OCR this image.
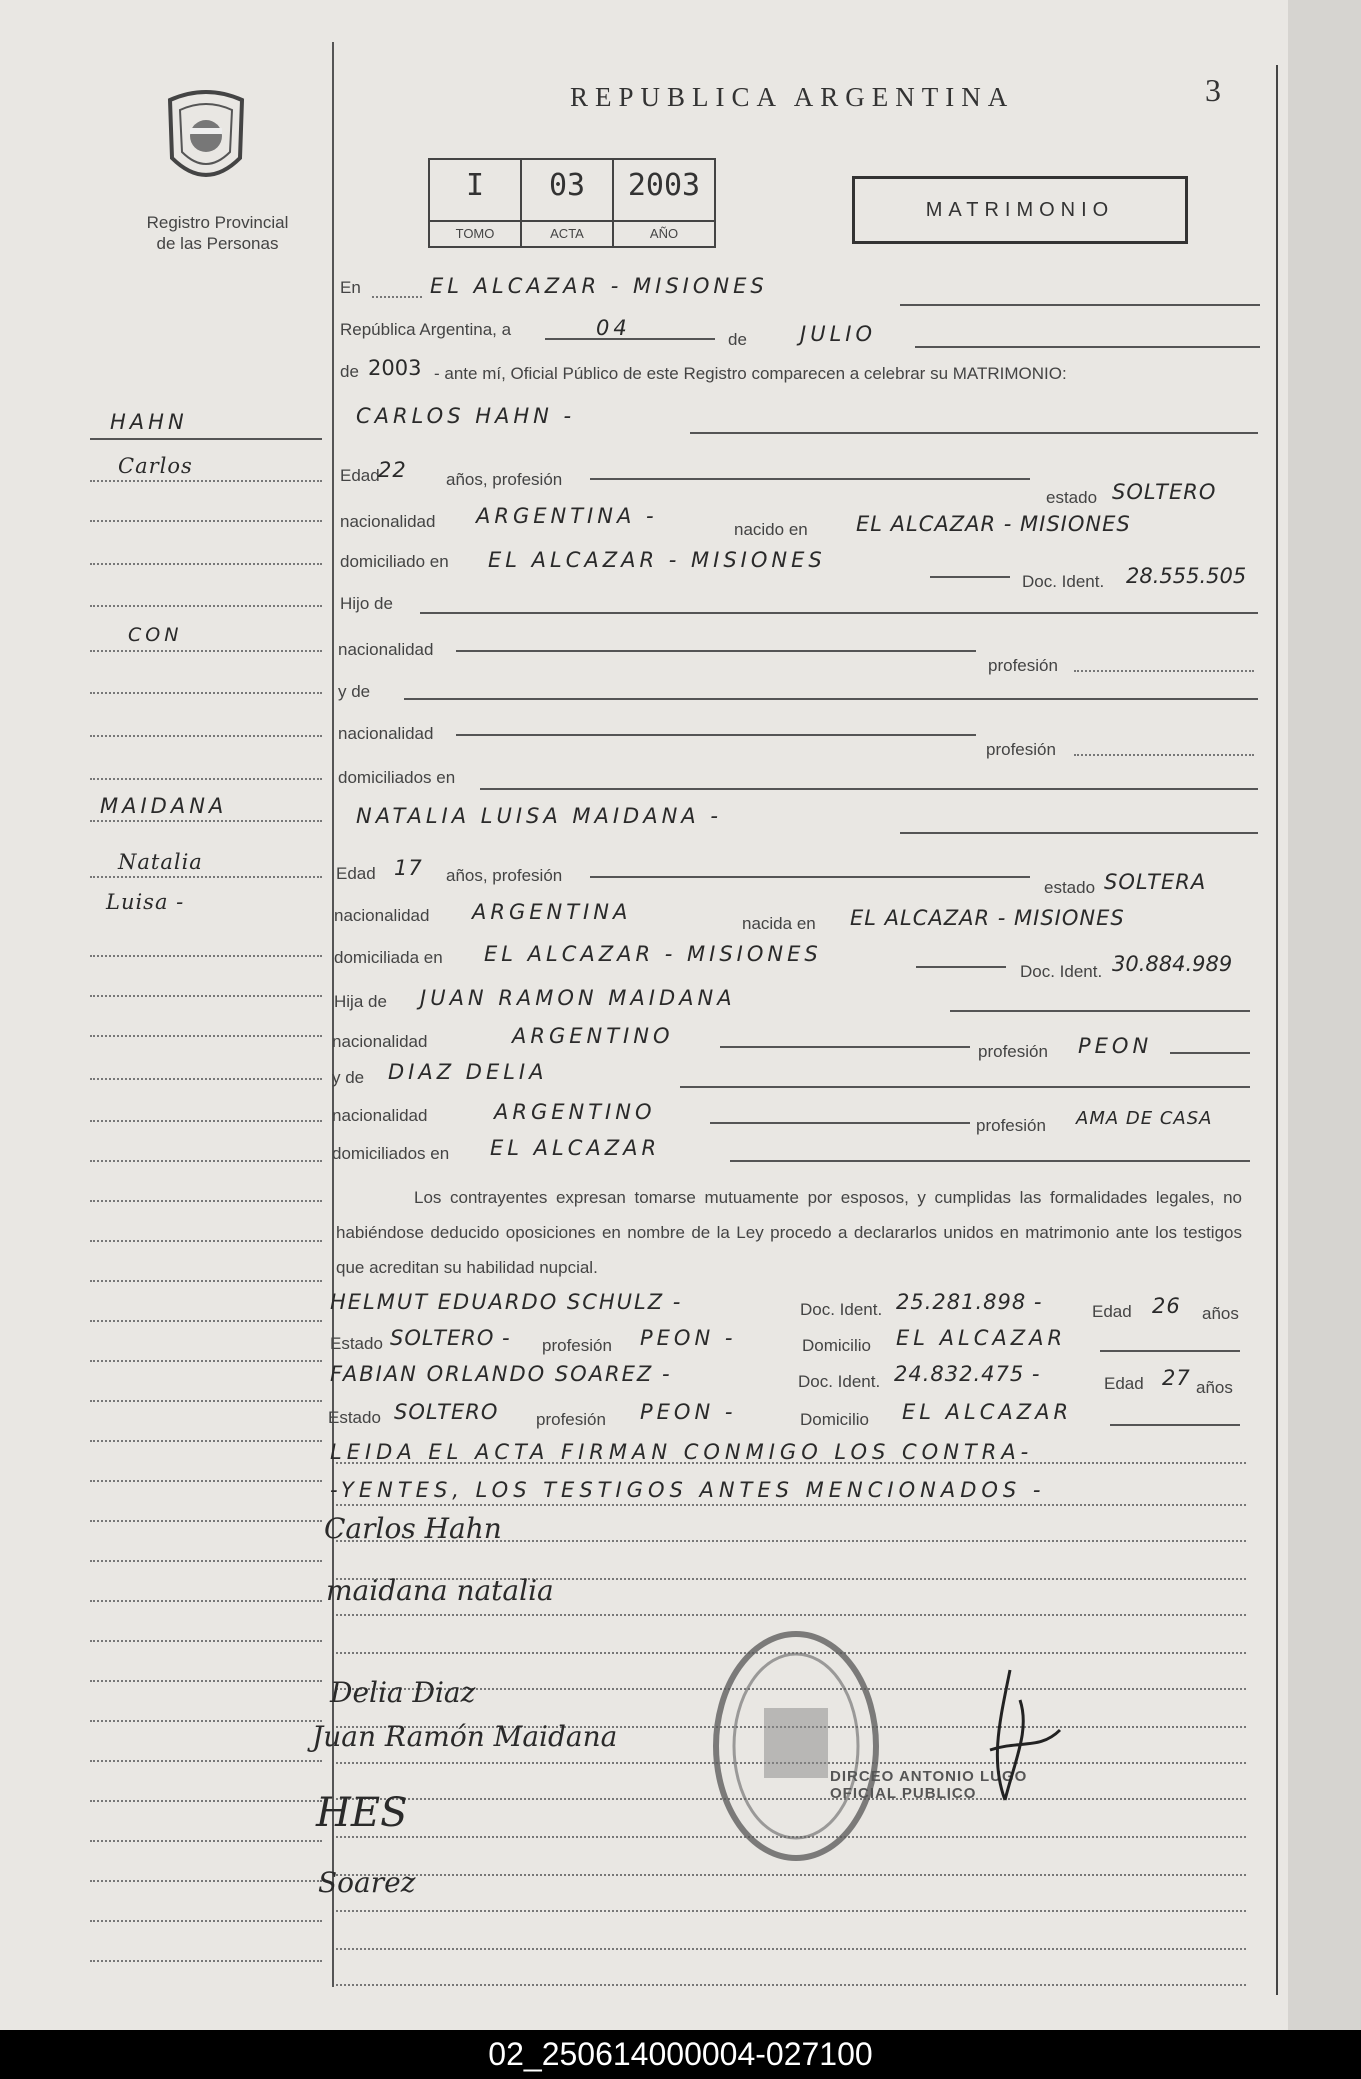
Registro Provincial
de las Personas
REPUBLICA ARGENTINA	3
I
TOMO
03
ACTA
2003
AÑO
MATRIMONIO
En	EL ALCAZAR - MISIONES
República Argentina, a	04	de	JULIO
de 2003 - ante mí, Oficial Público de este Registro comparecen a celebrar su MATRIMONIO:
HAHN
Carlos
CON
MAIDANA
Natalia
Luisa -
CARLOS HAHN -
Edad
22 años, profesión
estado SOLTERO
nacionalidad ARGENTINA -
nacido en EL ALCAZAR - MISIONES
domiciliado en EL ALCAZAR - MISIONES
Doc. Ident. 28.555.505
Hijo de
nacionalidad
profesión
y de
nacionalidad
profesión
domiciliados en
NATALIA LUISA MAIDANA -
Edad 17 años, profesión
estado SOLTERA
nacionalidad ARGENTINA	nacida en EL ALCAZAR - MISIONES
domiciliada en EL ALCAZAR - MISIONES
Doc. Ident. 30.884.989
Hija de JUAN RAMON MAIDANA
nacionalidad	ARGENTINO
profesión PEON
y de DIAZ DELIA
nacionalidad	ARGENTINO
profesión AMA DE CASA
domiciliados en EL ALCAZAR
Los contrayentes expresan tomarse mutuamente por esposos, y cumplidas las formalidades legales, no habiéndose deducido oposiciones en nombre de la Ley procedo a declararlos unidos en matrimonio ante los testigos que acreditan su habilidad nupcial.
HELMUT EDUARDO SCHULZ -	Doc. Ident. 25.281.898 -	Edad 26 años
Estado SOLTERO - profesión PEON -	Domicilio EL ALCAZAR
FABIAN ORLANDO SOAREZ -	Doc. Ident. 24.832.475 -	Edad 27 años
Estado SOLTERO profesión PEON -	Domicilio EL ALCAZAR
LEIDA EL ACTA FIRMAN CONMIGO LOS CONTRA-
-YENTES, LOS TESTIGOS ANTES MENCIONADOS -
Carlos Hahn
maidana natalia
Delia Diaz
Juan Ramón Maidana
HES
Soarez
DIRCEO ANTONIO LUGO
OFICIAL PUBLICO
02_250614000004-027100
